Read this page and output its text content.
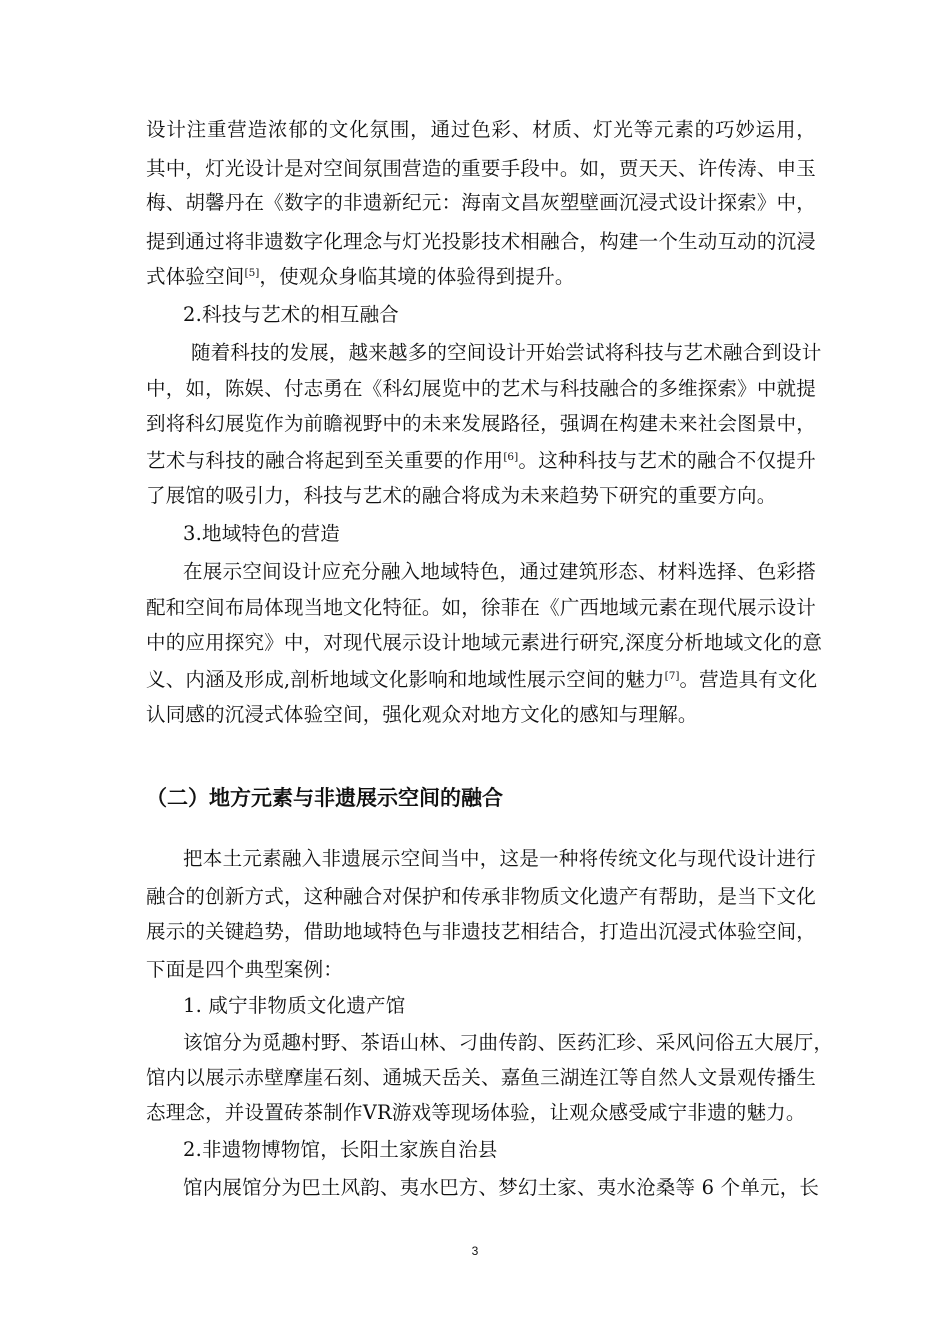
设计注重营造浓郁的文化氛围，通过色彩、材质、灯光等元素的巧妙运用，
其中，灯光设计是对空间氛围营造的重要手段中。如，贾天天、许传涛、申玉
梅、胡馨丹在《数字的非遗新纪元：海南文昌灰塑壁画沉浸式设计探索》中，
提到通过将非遗数字化理念与灯光投影技术相融合，构建一个生动互动的沉浸
式体验空间[5]，使观众身临其境的体验得到提升。
2.科技与艺术的相互融合
随着科技的发展，越来越多的空间设计开始尝试将科技与艺术融合到设计
中，如，陈娱、付志勇在《科幻展览中的艺术与科技融合的多维探索》中就提
到将科幻展览作为前瞻视野中的未来发展路径，强调在构建未来社会图景中，
艺术与科技的融合将起到至关重要的作用[6]。这种科技与艺术的融合不仅提升
了展馆的吸引力，科技与艺术的融合将成为未来趋势下研究的重要方向。
3.地域特色的营造
在展示空间设计应充分融入地域特色，通过建筑形态、材料选择、色彩搭
配和空间布局体现当地文化特征。如，徐菲在《广西地域元素在现代展示设计
中的应用探究》中，对现代展示设计地域元素进行研究,深度分析地域文化的意
义、内涵及形成,剖析地域文化影响和地域性展示空间的魅力[7]。营造具有文化
认同感的沉浸式体验空间，强化观众对地方文化的感知与理解。
（二）地方元素与非遗展示空间的融合
把本土元素融入非遗展示空间当中，这是一种将传统文化与现代设计进行
融合的创新方式，这种融合对保护和传承非物质文化遗产有帮助，是当下文化
展示的关键趋势，借助地域特色与非遗技艺相结合，打造出沉浸式体验空间，
下面是四个典型案例：
1. 咸宁非物质文化遗产馆
该馆分为觅趣村野、茶语山林、刁曲传韵、医药汇珍、采风问俗五大展厅，
馆内以展示赤壁摩崖石刻、通城天岳关、嘉鱼三湖连江等自然人文景观传播生
态理念，并设置砖茶制作VR游戏等现场体验，让观众感受咸宁非遗的魅力。
2.非遗物博物馆，长阳土家族自治县
馆内展馆分为巴土风韵、夷水巴方、梦幻土家、夷水沧桑等 6 个单元，长
3
